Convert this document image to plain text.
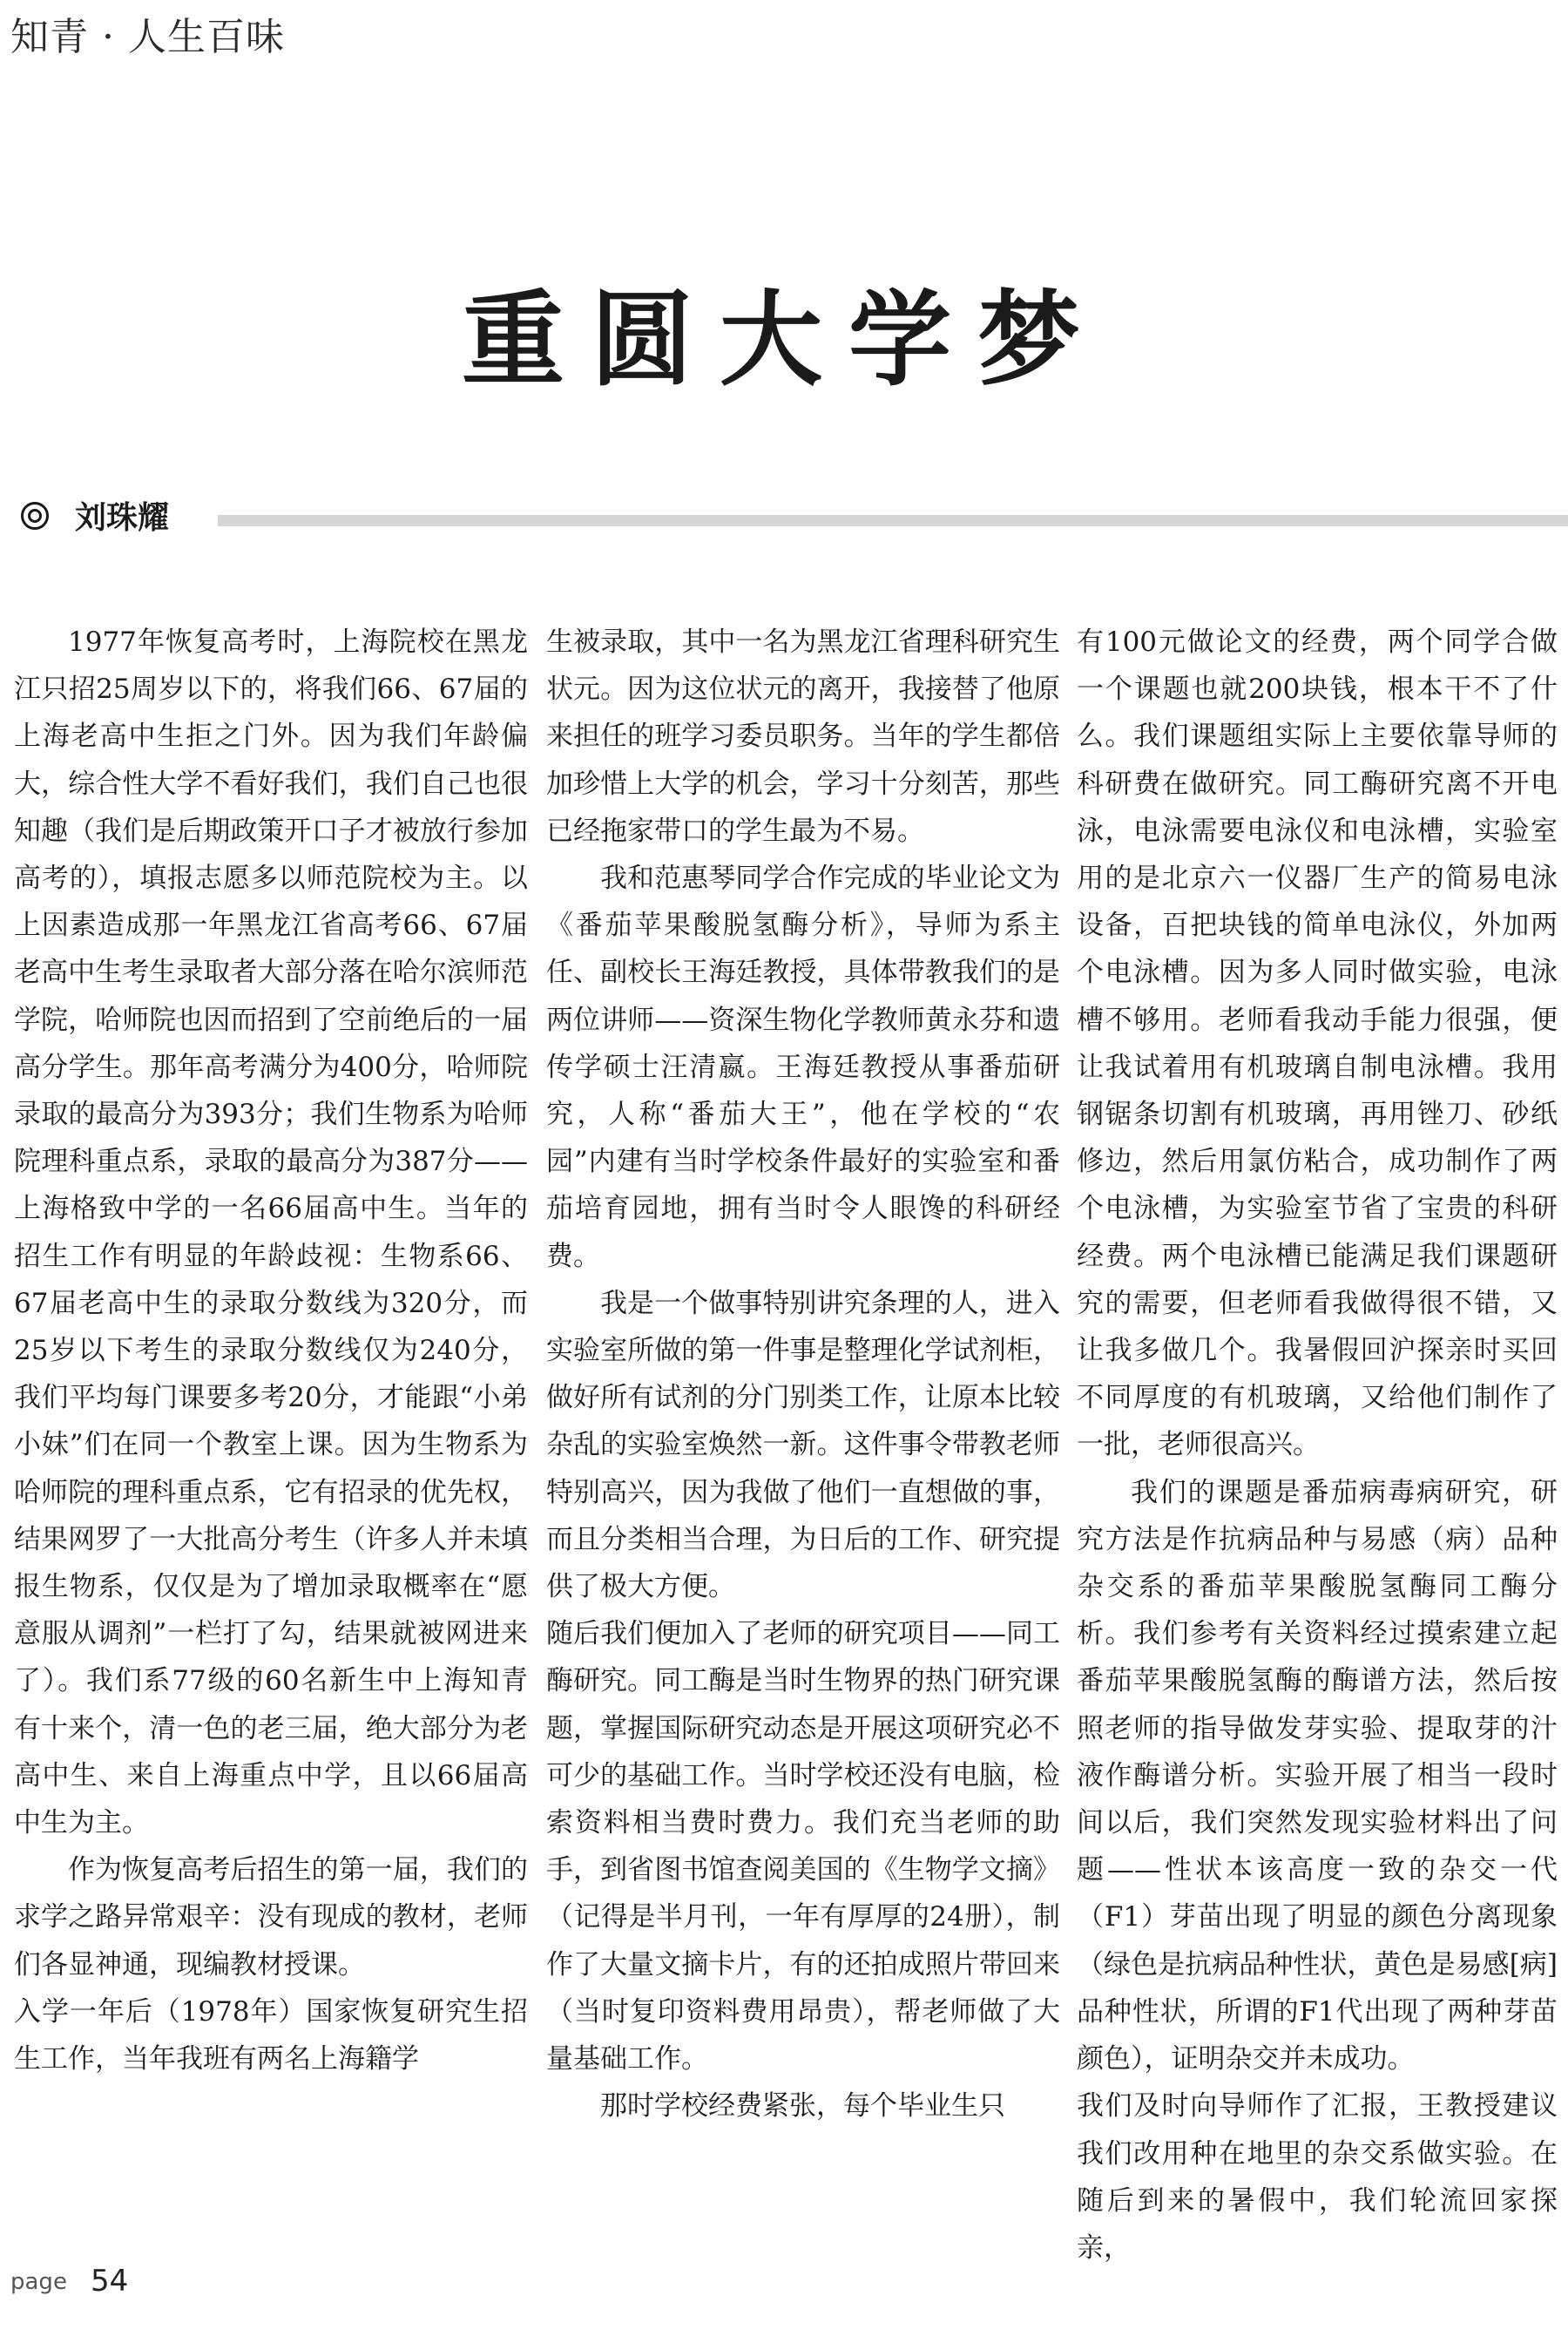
知青 · 人生百味
重圆大学梦
刘珠耀

1977年恢复高考时，上海院校在黑龙江只招25周岁以下的，将我们66、67届的上海老高中生拒之门外。因为我们年龄偏大，综合性大学不看好我们，我们自己也很知趣（我们是后期政策开口子才被放行参加高考的），填报志愿多以师范院校为主。以上因素造成那一年黑龙江省高考66、67届老高中生考生录取者大部分落在哈尔滨师范学院，哈师院也因而招到了空前绝后的一届高分学生。那年高考满分为400分，哈师院录取的最高分为393分；我们生物系为哈师院理科重点系，录取的最高分为387分——上海格致中学的一名66届高中生。当年的招生工作有明显的年龄歧视：生物系66、67届老高中生的录取分数线为320分，而25岁以下考生的录取分数线仅为240分，我们平均每门课要多考20分，才能跟“小弟小妹”们在同一个教室上课。因为生物系为哈师院的理科重点系，它有招录的优先权，结果网罗了一大批高分考生（许多人并未填报生物系，仅仅是为了增加录取概率在“愿意服从调剂”一栏打了勾，结果就被网进来了）。我们系77级的60名新生中上海知青有十来个，清一色的老三届，绝大部分为老高中生、来自上海重点中学，且以66届高中生为主。

作为恢复高考后招生的第一届，我们的求学之路异常艰辛：没有现成的教材，老师们各显神通，现编教材授课。

入学一年后（1978年）国家恢复研究生招生工作，当年我班有两名上海籍学

生被录取，其中一名为黑龙江省理科研究生状元。因为这位状元的离开，我接替了他原来担任的班学习委员职务。当年的学生都倍加珍惜上大学的机会，学习十分刻苦，那些已经拖家带口的学生最为不易。

我和范惠琴同学合作完成的毕业论文为《番茄苹果酸脱氢酶分析》，导师为系主任、副校长王海廷教授，具体带教我们的是两位讲师——资深生物化学教师黄永芬和遗传学硕士汪清嬴。王海廷教授从事番茄研究，人称“番茄大王”，他在学校的“农园”内建有当时学校条件最好的实验室和番茄培育园地，拥有当时令人眼馋的科研经费。

我是一个做事特别讲究条理的人，进入实验室所做的第一件事是整理化学试剂柜，做好所有试剂的分门别类工作，让原本比较杂乱的实验室焕然一新。这件事令带教老师特别高兴，因为我做了他们一直想做的事，而且分类相当合理，为日后的工作、研究提供了极大方便。

随后我们便加入了老师的研究项目——同工酶研究。同工酶是当时生物界的热门研究课题，掌握国际研究动态是开展这项研究必不可少的基础工作。当时学校还没有电脑，检索资料相当费时费力。我们充当老师的助手，到省图书馆查阅美国的《生物学文摘》（记得是半月刊，一年有厚厚的24册），制作了大量文摘卡片，有的还拍成照片带回来（当时复印资料费用昂贵），帮老师做了大量基础工作。

那时学校经费紧张，每个毕业生只

有100元做论文的经费，两个同学合做一个课题也就200块钱，根本干不了什么。我们课题组实际上主要依靠导师的科研费在做研究。同工酶研究离不开电泳，电泳需要电泳仪和电泳槽，实验室用的是北京六一仪器厂生产的简易电泳设备，百把块钱的简单电泳仪，外加两个电泳槽。因为多人同时做实验，电泳槽不够用。老师看我动手能力很强，便让我试着用有机玻璃自制电泳槽。我用钢锯条切割有机玻璃，再用锉刀、砂纸修边，然后用氯仿粘合，成功制作了两个电泳槽，为实验室节省了宝贵的科研经费。两个电泳槽已能满足我们课题研究的需要，但老师看我做得很不错，又让我多做几个。我暑假回沪探亲时买回不同厚度的有机玻璃，又给他们制作了一批，老师很高兴。

我们的课题是番茄病毒病研究，研究方法是作抗病品种与易感（病）品种杂交系的番茄苹果酸脱氢酶同工酶分析。我们参考有关资料经过摸索建立起番茄苹果酸脱氢酶的酶谱方法，然后按照老师的指导做发芽实验、提取芽的汁液作酶谱分析。实验开展了相当一段时间以后，我们突然发现实验材料出了问题——性状本该高度一致的杂交一代（F1）芽苗出现了明显的颜色分离现象（绿色是抗病品种性状，黄色是易感[病]品种性状，所谓的F1代出现了两种芽苗颜色），证明杂交并未成功。

我们及时向导师作了汇报，王教授建议我们改用种在地里的杂交系做实验。在随后到来的暑假中，我们轮流回家探亲，

page 54
